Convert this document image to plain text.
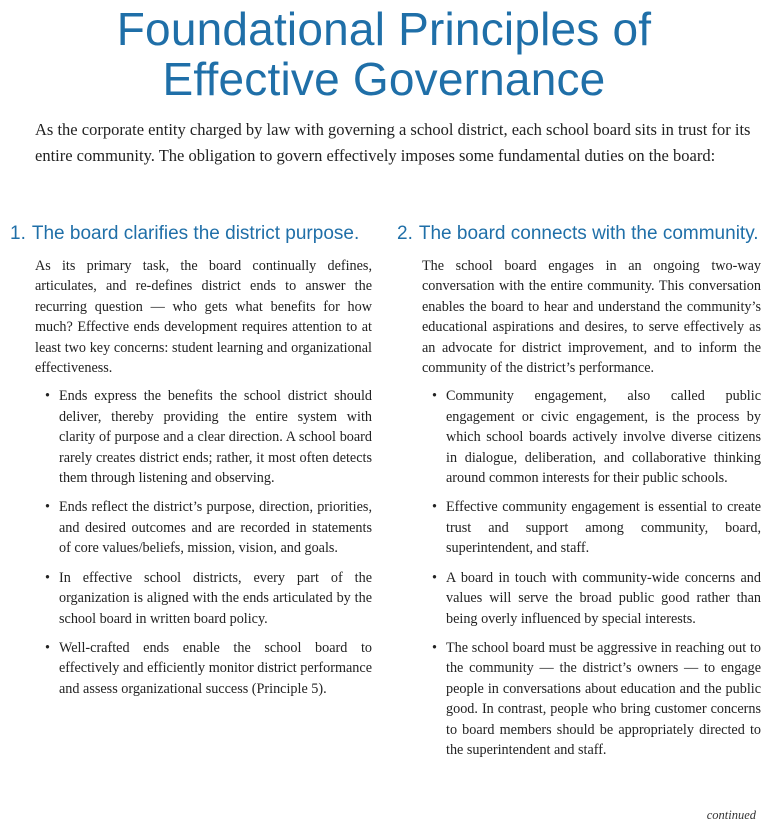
Foundational Principles of
Effective Governance

As the corporate entity charged by law with governing a school district, each school board sits in trust for its entire community. The obligation to govern effectively imposes some fundamental duties on the board:

1. The board clarifies the district purpose.

As its primary task, the board continually defines, articulates, and re-defines district ends to answer the recurring question — who gets what benefits for how much? Effective ends development requires attention to at least two key concerns: student learning and organizational effectiveness.

• Ends express the benefits the school district should deliver, thereby providing the entire system with clarity of purpose and a clear direction. A school board rarely creates district ends; rather, it most often detects them through listening and observing.
• Ends reflect the district’s purpose, direction, priorities, and desired outcomes and are recorded in statements of core values/beliefs, mission, vision, and goals.
• In effective school districts, every part of the organization is aligned with the ends articulated by the school board in written board policy.
• Well-crafted ends enable the school board to effectively and efficiently monitor district performance and assess organizational success (Principle 5).
2. The board connects with the community.

The school board engages in an ongoing two-way conversation with the entire community. This conversation enables the board to hear and understand the community’s educational aspirations and desires, to serve effectively as an advocate for district improvement, and to inform the community of the district’s performance.

• Community engagement, also called public engagement or civic engagement, is the process by which school boards actively involve diverse citizens in dialogue, deliberation, and collaborative thinking around common interests for their public schools.
• Effective community engagement is essential to create trust and support among community, board, superintendent, and staff.
• A board in touch with community-wide concerns and values will serve the broad public good rather than being overly influenced by special interests.
• The school board must be aggressive in reaching out to the community — the district’s owners — to engage people in conversations about education and the public good. In contrast, people who bring customer concerns to board members should be appropriately directed to the superintendent and staff.
continued
